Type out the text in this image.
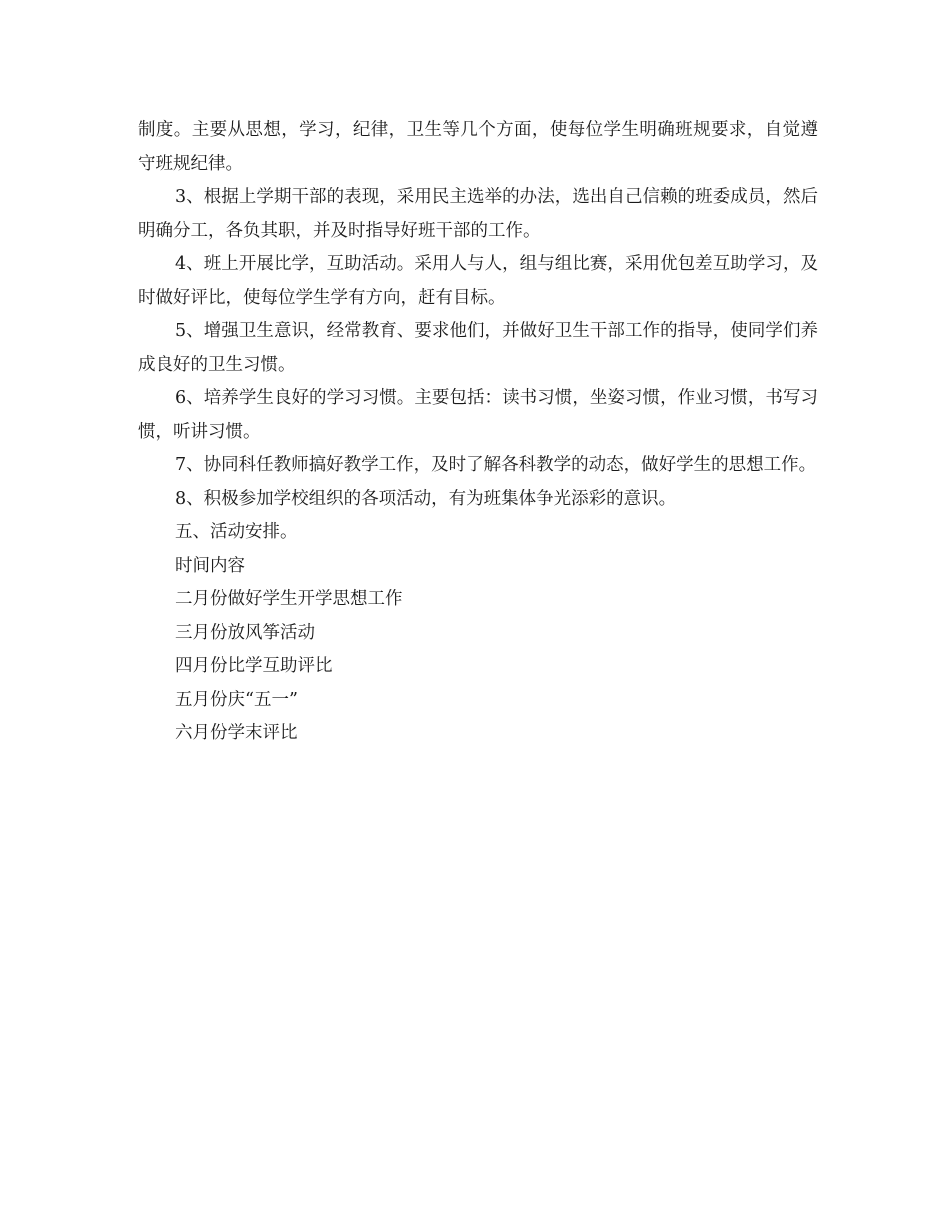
制度。主要从思想，学习，纪律，卫生等几个方面，使每位学生明确班规要求，自觉遵守班规纪律。

3、根据上学期干部的表现，采用民主选举的办法，选出自己信赖的班委成员，然后明确分工，各负其职，并及时指导好班干部的工作。

4、班上开展比学，互助活动。采用人与人，组与组比赛，采用优包差互助学习，及时做好评比，使每位学生学有方向，赶有目标。

5、增强卫生意识，经常教育、要求他们，并做好卫生干部工作的指导，使同学们养成良好的卫生习惯。

6、培养学生良好的学习习惯。主要包括：读书习惯，坐姿习惯，作业习惯，书写习惯，听讲习惯。

7、协同科任教师搞好教学工作，及时了解各科教学的动态，做好学生的思想工作。

8、积极参加学校组织的各项活动，有为班集体争光添彩的意识。

五、活动安排。

时间内容

二月份做好学生开学思想工作

三月份放风筝活动

四月份比学互助评比

五月份庆“五一”

六月份学末评比
